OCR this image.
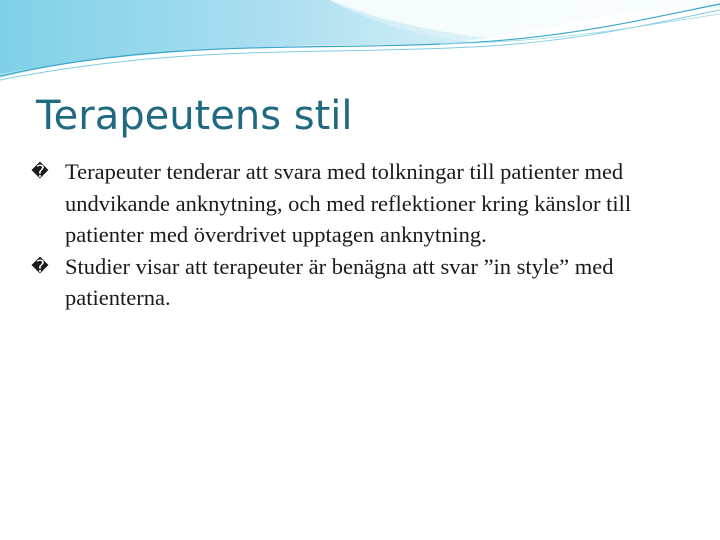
Terapeutens stil
� Terapeuter tenderar att svara med tolkningar till patienter med undvikande anknytning, och med reflektioner kring känslor till patienter med överdrivet upptagen anknytning.
� Studier visar att terapeuter är benägna att svar ”in style” med patienterna.
